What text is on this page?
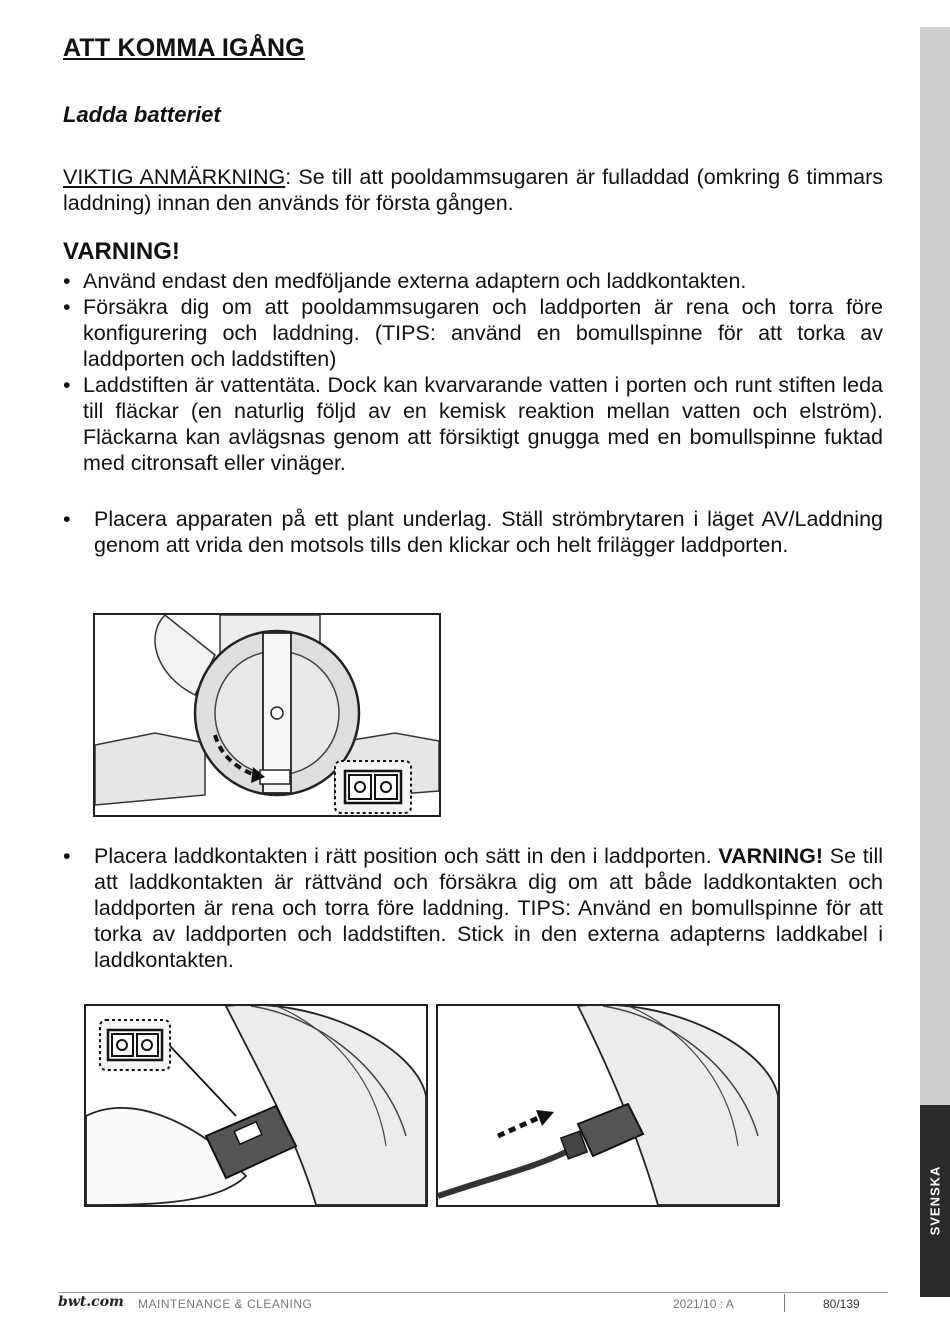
ATT KOMMA IGÅNG
Ladda batteriet

VIKTIG ANMÄRKNING: Se till att pooldammsugaren är fulladdad (omkring 6 timmars laddning) innan den används för första gången.

VARNING!
• Använd endast den medföljande externa adaptern och laddkontakten.
• Försäkra dig om att pooldammsugaren och laddporten är rena och torra före konfigurering och laddning. (TIPS: använd en bomullspinne för att torka av laddporten och laddstiften)
• Laddstiften är vattentäta. Dock kan kvarvarande vatten i porten och runt stiften leda till fläckar (en naturlig följd av en kemisk reaktion mellan vatten och elström). Fläckarna kan avlägsnas genom att försiktigt gnugga med en bomullspinne fuktad med citronsaft eller vinäger.

• Placera apparaten på ett plant underlag. Ställ strömbrytaren i läget AV/Laddning genom att vrida den motsols tills den klickar och helt frilägger laddporten.

• Placera laddkontakten i rätt position och sätt in den i laddporten. VARNING! Se till att laddkontakten är rättvänd och försäkra dig om att både laddkontakten och laddporten är rena och torra före laddning. TIPS: Använd en bomullspinne för att torka av laddporten och laddstiften. Stick in den externa adapterns laddkabel i laddkontakten.

SVENSKA
bwt.com MAINTENANCE & CLEANING	2021/10 : A	80/139
